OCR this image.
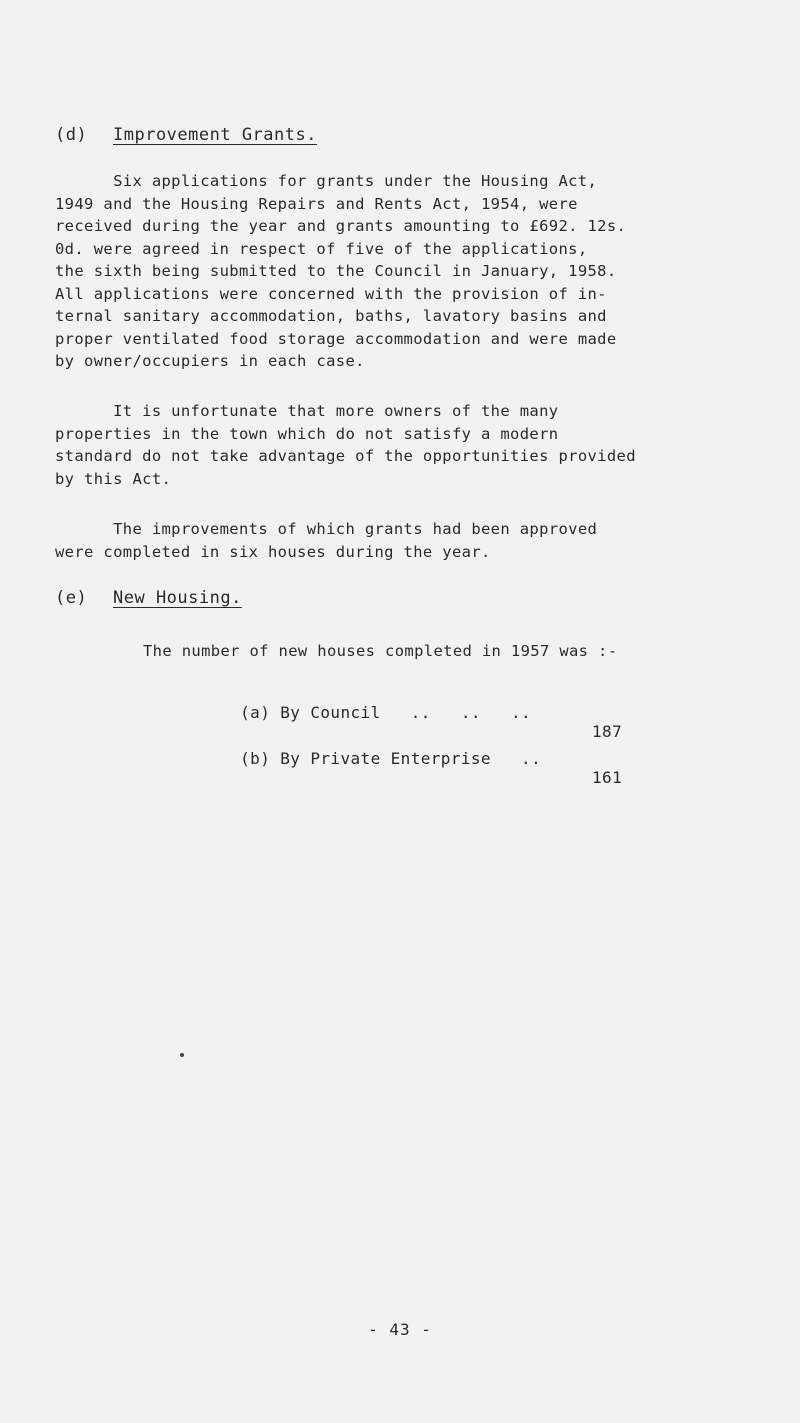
(d) Improvement Grants.
Six applications for grants under the Housing Act,
1949 and the Housing Repairs and Rents Act, 1954, were
received during the year and grants amounting to £692. 12s.
0d. were agreed in respect of five of the applications,
the sixth being submitted to the Council in January, 1958.
All applications were concerned with the provision of in-
ternal sanitary accommodation, baths, lavatory basins and
proper ventilated food storage accommodation and were made
by owner/occupiers in each case.
It is unfortunate that more owners of the many
properties in the town which do not satisfy a modern
standard do not take advantage of the opportunities provided
by this Act.
The improvements of which grants had been approved
were completed in six houses during the year.
(e) New Housing.
The number of new houses completed in 1957 was :-

(a) By Council   ..   ..   ..

187

(b) By Private Enterprise   ..

161

- 43 -
